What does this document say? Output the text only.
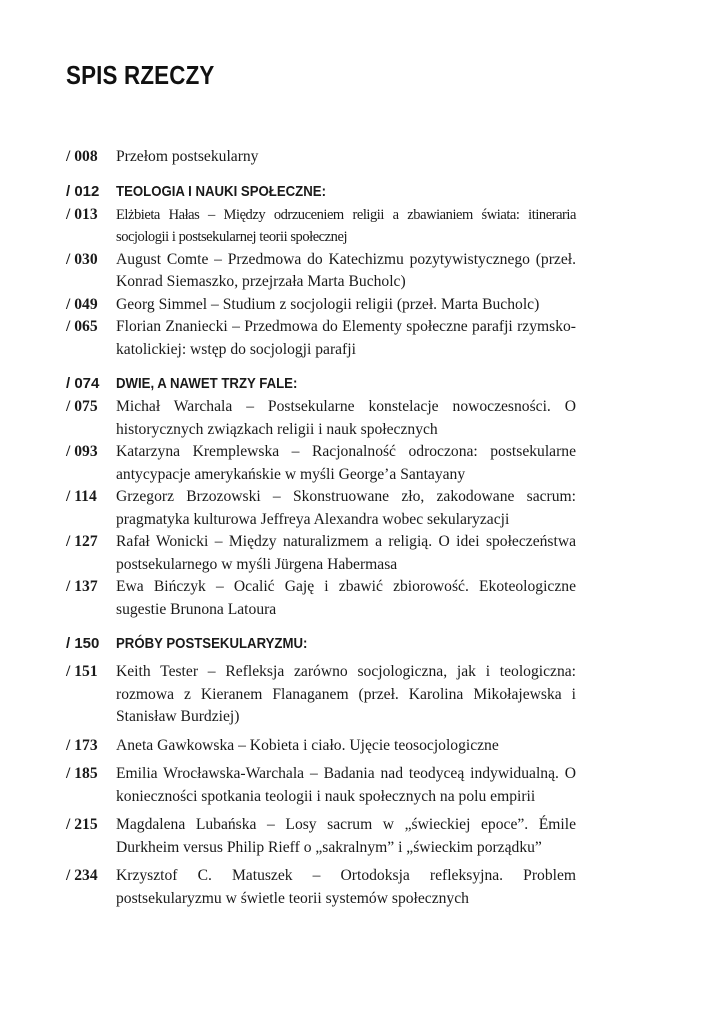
SPIS RZECZY
/ 008 Przełom postsekularny
/ 012 TEOLOGIA I NAUKI SPOŁECZNE:
/ 013 Elżbieta Hałas – Między odrzuceniem religii a zbawianiem świata: itineraria socjologii i postsekularnej teorii społecznej
/ 030 August Comte – Przedmowa do Katechizmu pozytywistycznego (przeł. Konrad Siemaszko, przejrzała Marta Bucholc)
/ 049 Georg Simmel – Studium z socjologii religii (przeł. Marta Bucholc)
/ 065 Florian Znaniecki – Przedmowa do Elementy społeczne parafji rzymsko-katolickiej: wstęp do socjologji parafji
/ 074 DWIE, A NAWET TRZY FALE:
/ 075 Michał Warchala – Postsekularne konstelacje nowoczesności. O historycznych związkach religii i nauk społecznych
/ 093 Katarzyna Kremplewska – Racjonalność odroczona: postsekularne antycypacje amerykańskie w myśli George’a Santayany
/ 114 Grzegorz Brzozowski – Skonstruowane zło, zakodowane sacrum: pragmatyka kulturowa Jeffreya Alexandra wobec sekularyzacji
/ 127 Rafał Wonicki – Między naturalizmem a religią. O idei społeczeństwa postsekularnego w myśli Jürgena Habermasa
/ 137 Ewa Bińczyk – Ocalić Gaję i zbawić zbiorowość. Ekoteologiczne sugestie Brunona Latoura
/ 150 PRÓBY POSTSEKULARYZMU:
/ 151 Keith Tester – Refleksja zarówno socjologiczna, jak i teologiczna: rozmowa z Kieranem Flanaganem (przeł. Karolina Mikołajewska i Stanisław Burdziej)
/ 173 Aneta Gawkowska – Kobieta i ciało. Ujęcie teosocjologiczne
/ 185 Emilia Wrocławska-Warchala – Badania nad teodyceą indywidualną. O konieczności spotkania teologii i nauk społecznych na polu empirii
/ 215 Magdalena Lubańska – Losy sacrum w „świeckiej epoce”. Émile Durkheim versus Philip Rieff o „sakralnym” i „świeckim porządku”
/ 234 Krzysztof C. Matuszek – Ortodoksja refleksyjna. Problem postsekularyzmu w świetle teorii systemów społecznych
